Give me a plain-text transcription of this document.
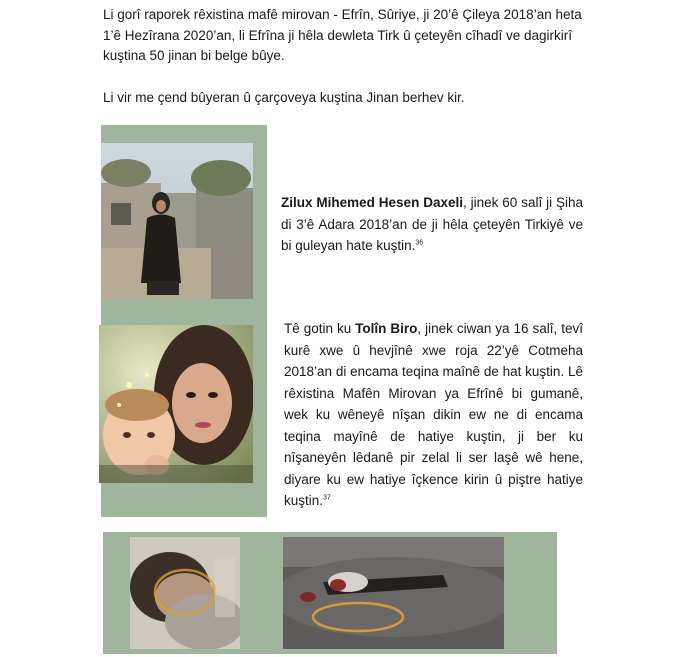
Li gorî raporek rêxistina mafê mirovan - Efrîn, Sûriye, ji 20’ê Çileya 2018’an heta 1’ê Hezîrana 2020’an, li Efrîna ji hêla dewleta Tirk û çeteyên cîhadî ve dagirkirî kuştina 50 jinan bi belge bûye.

Li vir me çend bûyeran û çarçoveya kuştina Jinan berhev kir.

Zilux Mihemed Hesen Daxeli, jinek 60 salî ji Şiha di 3’ê Adara 2018’an de ji hêla çeteyên Tirkiyê ve bi guleyan hate kuştin.$^{36}$

Tê gotin ku Tolîn Biro, jinek ciwan ya 16 salî, tevî kurê xwe û hevjînê xwe roja 22’yê Cotmeha 2018’an di encama teqina maînê de hat kuştin. Lê rêxistina Mafên Mirovan ya Efrînê bi gumanê, wek ku wêneyê nîşan dikin ew ne di encama teqina mayînê de hatiye kuştin, ji ber ku nîşaneyên lêdanê pir zelal li ser laşê wê hene, diyare ku ew hatiye îçkence kirin û piştre hatiye kuştin.$^{37}$
